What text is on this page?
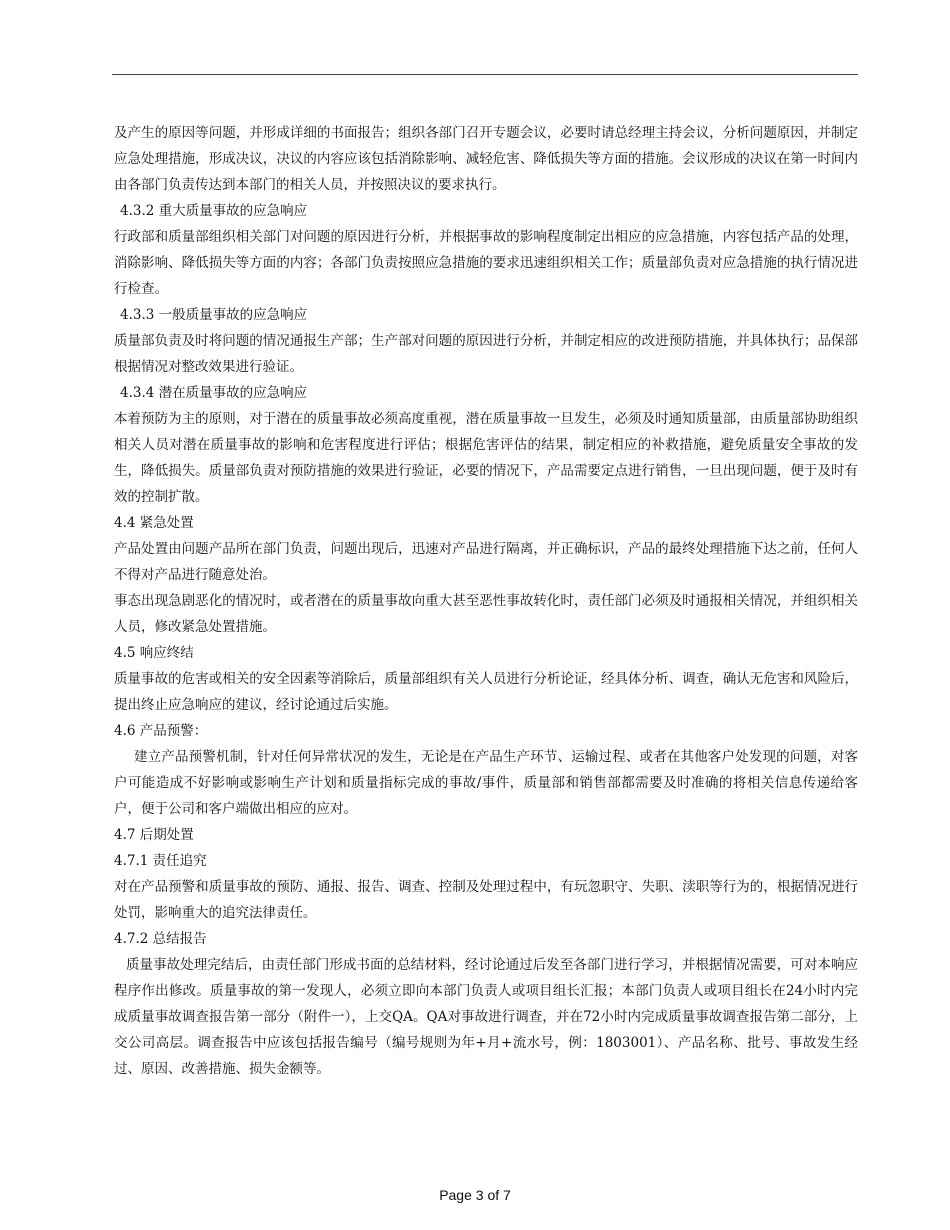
及产生的原因等问题，并形成详细的书面报告；组织各部门召开专题会议，必要时请总经理主持会议，分析问题原因，并制定应急处理措施，形成决议，决议的内容应该包括消除影响、减轻危害、降低损失等方面的措施。会议形成的决议在第一时间内由各部门负责传达到本部门的相关人员，并按照决议的要求执行。

4.3.2 重大质量事故的应急响应

行政部和质量部组织相关部门对问题的原因进行分析，并根据事故的影响程度制定出相应的应急措施，内容包括产品的处理，消除影响、降低损失等方面的内容；各部门负责按照应急措施的要求迅速组织相关工作；质量部负责对应急措施的执行情况进行检查。

4.3.3 一般质量事故的应急响应

质量部负责及时将问题的情况通报生产部；生产部对问题的原因进行分析，并制定相应的改进预防措施，并具体执行；品保部根据情况对整改效果进行验证。

4.3.4 潜在质量事故的应急响应

本着预防为主的原则，对于潜在的质量事故必须高度重视，潜在质量事故一旦发生，必须及时通知质量部，由质量部协助组织相关人员对潜在质量事故的影响和危害程度进行评估；根据危害评估的结果，制定相应的补救措施，避免质量安全事故的发生，降低损失。质量部负责对预防措施的效果进行验证，必要的情况下，产品需要定点进行销售，一旦出现问题，便于及时有效的控制扩散。

4.4 紧急处置

产品处置由问题产品所在部门负责，问题出现后，迅速对产品进行隔离，并正确标识，产品的最终处理措施下达之前，任何人不得对产品进行随意处治。

事态出现急剧恶化的情况时，或者潜在的质量事故向重大甚至恶性事故转化时，责任部门必须及时通报相关情况，并组织相关人员，修改紧急处置措施。

4.5 响应终结

质量事故的危害或相关的安全因素等消除后，质量部组织有关人员进行分析论证，经具体分析、调查，确认无危害和风险后，提出终止应急响应的建议，经讨论通过后实施。

4.6 产品预警：

建立产品预警机制，针对任何异常状况的发生，无论是在产品生产环节、运输过程、或者在其他客户处发现的问题，对客户可能造成不好影响或影响生产计划和质量指标完成的事故/事件，质量部和销售部都需要及时准确的将相关信息传递给客户，便于公司和客户端做出相应的应对。

4.7 后期处置

4.7.1 责任追究

对在产品预警和质量事故的预防、通报、报告、调查、控制及处理过程中，有玩忽职守、失职、渎职等行为的，根据情况进行处罚，影响重大的追究法律责任。

4.7.2 总结报告

质量事故处理完结后，由责任部门形成书面的总结材料，经讨论通过后发至各部门进行学习，并根据情况需要，可对本响应程序作出修改。质量事故的第一发现人，必须立即向本部门负责人或项目组长汇报；本部门负责人或项目组长在24小时内完成质量事故调查报告第一部分（附件一），上交QA。QA对事故进行调查，并在72小时内完成质量事故调查报告第二部分，上交公司高层。调查报告中应该包括报告编号（编号规则为年+月+流水号，例：1803001）、产品名称、批号、事故发生经过、原因、改善措施、损失金额等。

Page 3 of 7
